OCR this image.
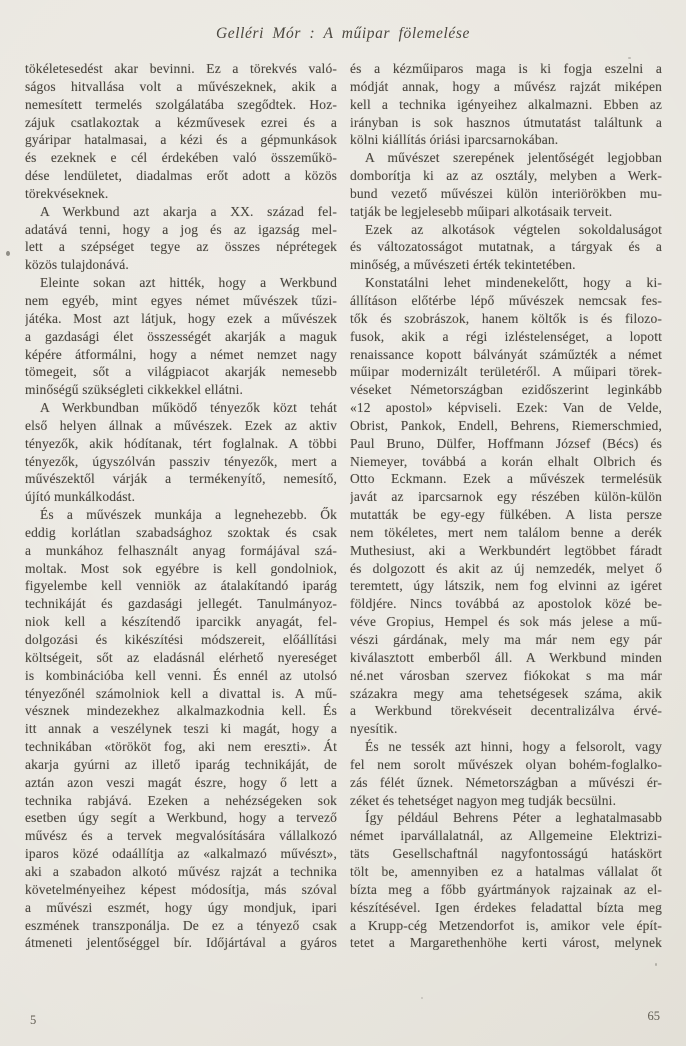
Gelléri Mór : A műipar fölemelése
tökéletesedést akar bevinni. Ez a törekvés való-
ságos hitvallása volt a művészeknek, akik a
nemesített termelés szolgálatába szegődtek. Hoz-
zájuk csatlakoztak a kézművesek ezrei és a
gyáripar hatalmasai, a kézi és a gépmunkások
és ezeknek e cél érdekében való összeműkö-
dése lendületet, diadalmas erőt adott a közös
törekvéseknek.
A Werkbund azt akarja a XX. század fel-
adatává tenni, hogy a jog és az igazság mel-
lett a szépséget tegye az összes néprétegek
közös tulajdonává.
Eleinte sokan azt hitték, hogy a Werkbund
nem egyéb, mint egyes német művészek tűzi-
játéka. Most azt látjuk, hogy ezek a művészek
a gazdasági élet összességét akarják a maguk
képére átformálni, hogy a német nemzet nagy
tömegeit, sőt a világpiacot akarják nemesebb
minőségű szükségleti cikkekkel ellátni.
A Werkbundban működő tényezők közt tehát
első helyen állnak a művészek. Ezek az aktiv
tényezők, akik hódítanak, tért foglalnak. A többi
tényezők, úgyszólván passziv tényezők, mert a
művészektől várják a termékenyítő, nemesítő,
újító munkálkodást.
És a művészek munkája a legnehezebb. Ők
eddig korlátlan szabadsághoz szoktak és csak
a munkához felhasznált anyag formájával szá-
moltak. Most sok egyébre is kell gondolniok,
figyelembe kell venniök az átalakítandó iparág
technikáját és gazdasági jellegét. Tanulmányoz-
niok kell a készítendő iparcikk anyagát, fel-
dolgozási és kikészítési módszereit, előállítási
költségeit, sőt az eladásnál elérhető nyereséget
is kombinációba kell venni. És ennél az utolsó
tényezőnél számolniok kell a divattal is. A mű-
vésznek mindezekhez alkalmazkodnia kell. És
itt annak a veszélynek teszi ki magát, hogy a
technikában «törököt fog, aki nem ereszti». Át
akarja gyúrni az illető iparág technikáját, de
aztán azon veszi magát észre, hogy ő lett a
technika rabjává. Ezeken a nehézségeken sok
esetben úgy segít a Werkbund, hogy a tervező
művész és a tervek megvalósítására vállalkozó
iparos közé odaállítja az «alkalmazó művészt»,
aki a szabadon alkotó művész rajzát a technika
követelményeihez képest módosítja, más szóval
a művészi eszmét, hogy úgy mondjuk, ipari
eszmének transzponálja. De ez a tényező csak
átmeneti jelentőséggel bír. Időjártával a gyáros
és a kézműiparos maga is ki fogja eszelni a
módját annak, hogy a művész rajzát miképen
kell a technika igényeihez alkalmazni. Ebben az
irányban is sok hasznos útmutatást találtunk a
kölni kiállítás óriási iparcsarnokában.
A művészet szerepének jelentőségét legjobban
domborítja ki az az osztály, melyben a Werk-
bund vezető művészei külön interiörökben mu-
tatják be legjelesebb műipari alkotásaik terveit.
Ezek az alkotások végtelen sokoldaluságot
és változatosságot mutatnak, a tárgyak és a
minőség, a művészeti érték tekintetében.
Konstatálni lehet mindenekelőtt, hogy a ki-
állításon előtérbe lépő művészek nemcsak fes-
tők és szobrászok, hanem költők is és filozo-
fusok, akik a régi izléstelenséget, a lopott
renaissance kopott bálványát száműzték a német
műipar modernizált területéről. A műipari törek-
véseket Németországban ezidőszerint leginkább
«12 apostol» képviseli. Ezek: Van de Velde,
Obrist, Pankok, Endell, Behrens, Riemerschmied,
Paul Bruno, Dülfer, Hoffmann József (Bécs) és
Niemeyer, továbbá a korán elhalt Olbrich és
Otto Eckmann. Ezek a művészek termelésük
javát az iparcsarnok egy részében külön-külön
mutatták be egy-egy fülkében. A lista persze
nem tökéletes, mert nem találom benne a derék
Muthesiust, aki a Werkbundért legtöbbet fáradt
és dolgozott és akit az új nemzedék, melyet ő
teremtett, úgy látszik, nem fog elvinni az igéret
földjére. Nincs továbbá az apostolok közé be-
véve Gropius, Hempel és sok más jelese a mű-
vészi gárdának, mely ma már nem egy pár
kiválasztott emberből áll. A Werkbund minden
né.net városban szervez fiókokat s ma már
százakra megy ama tehetségesek száma, akik
a Werkbund törekvéseit decentralizálva érvé-
nyesítik.
És ne tessék azt hinni, hogy a felsorolt, vagy
fel nem sorolt művészek olyan bohém-foglalko-
zás félét űznek. Németországban a művészi ér-
zéket és tehetséget nagyon meg tudják becsülni.
Így például Behrens Péter a leghatalmasabb
német iparvállalatnál, az Allgemeine Elektrizi-
täts Gesellschaftnál nagyfontosságú hatáskört
tölt be, amennyiben ez a hatalmas vállalat őt
bízta meg a főbb gyártmányok rajzainak az el-
készítésével. Igen érdekes feladattal bízta meg
a Krupp-cég Metzendorfot is, amikor vele épít-
tetet a Margarethenhöhe kerti várost, melynek
5	65
